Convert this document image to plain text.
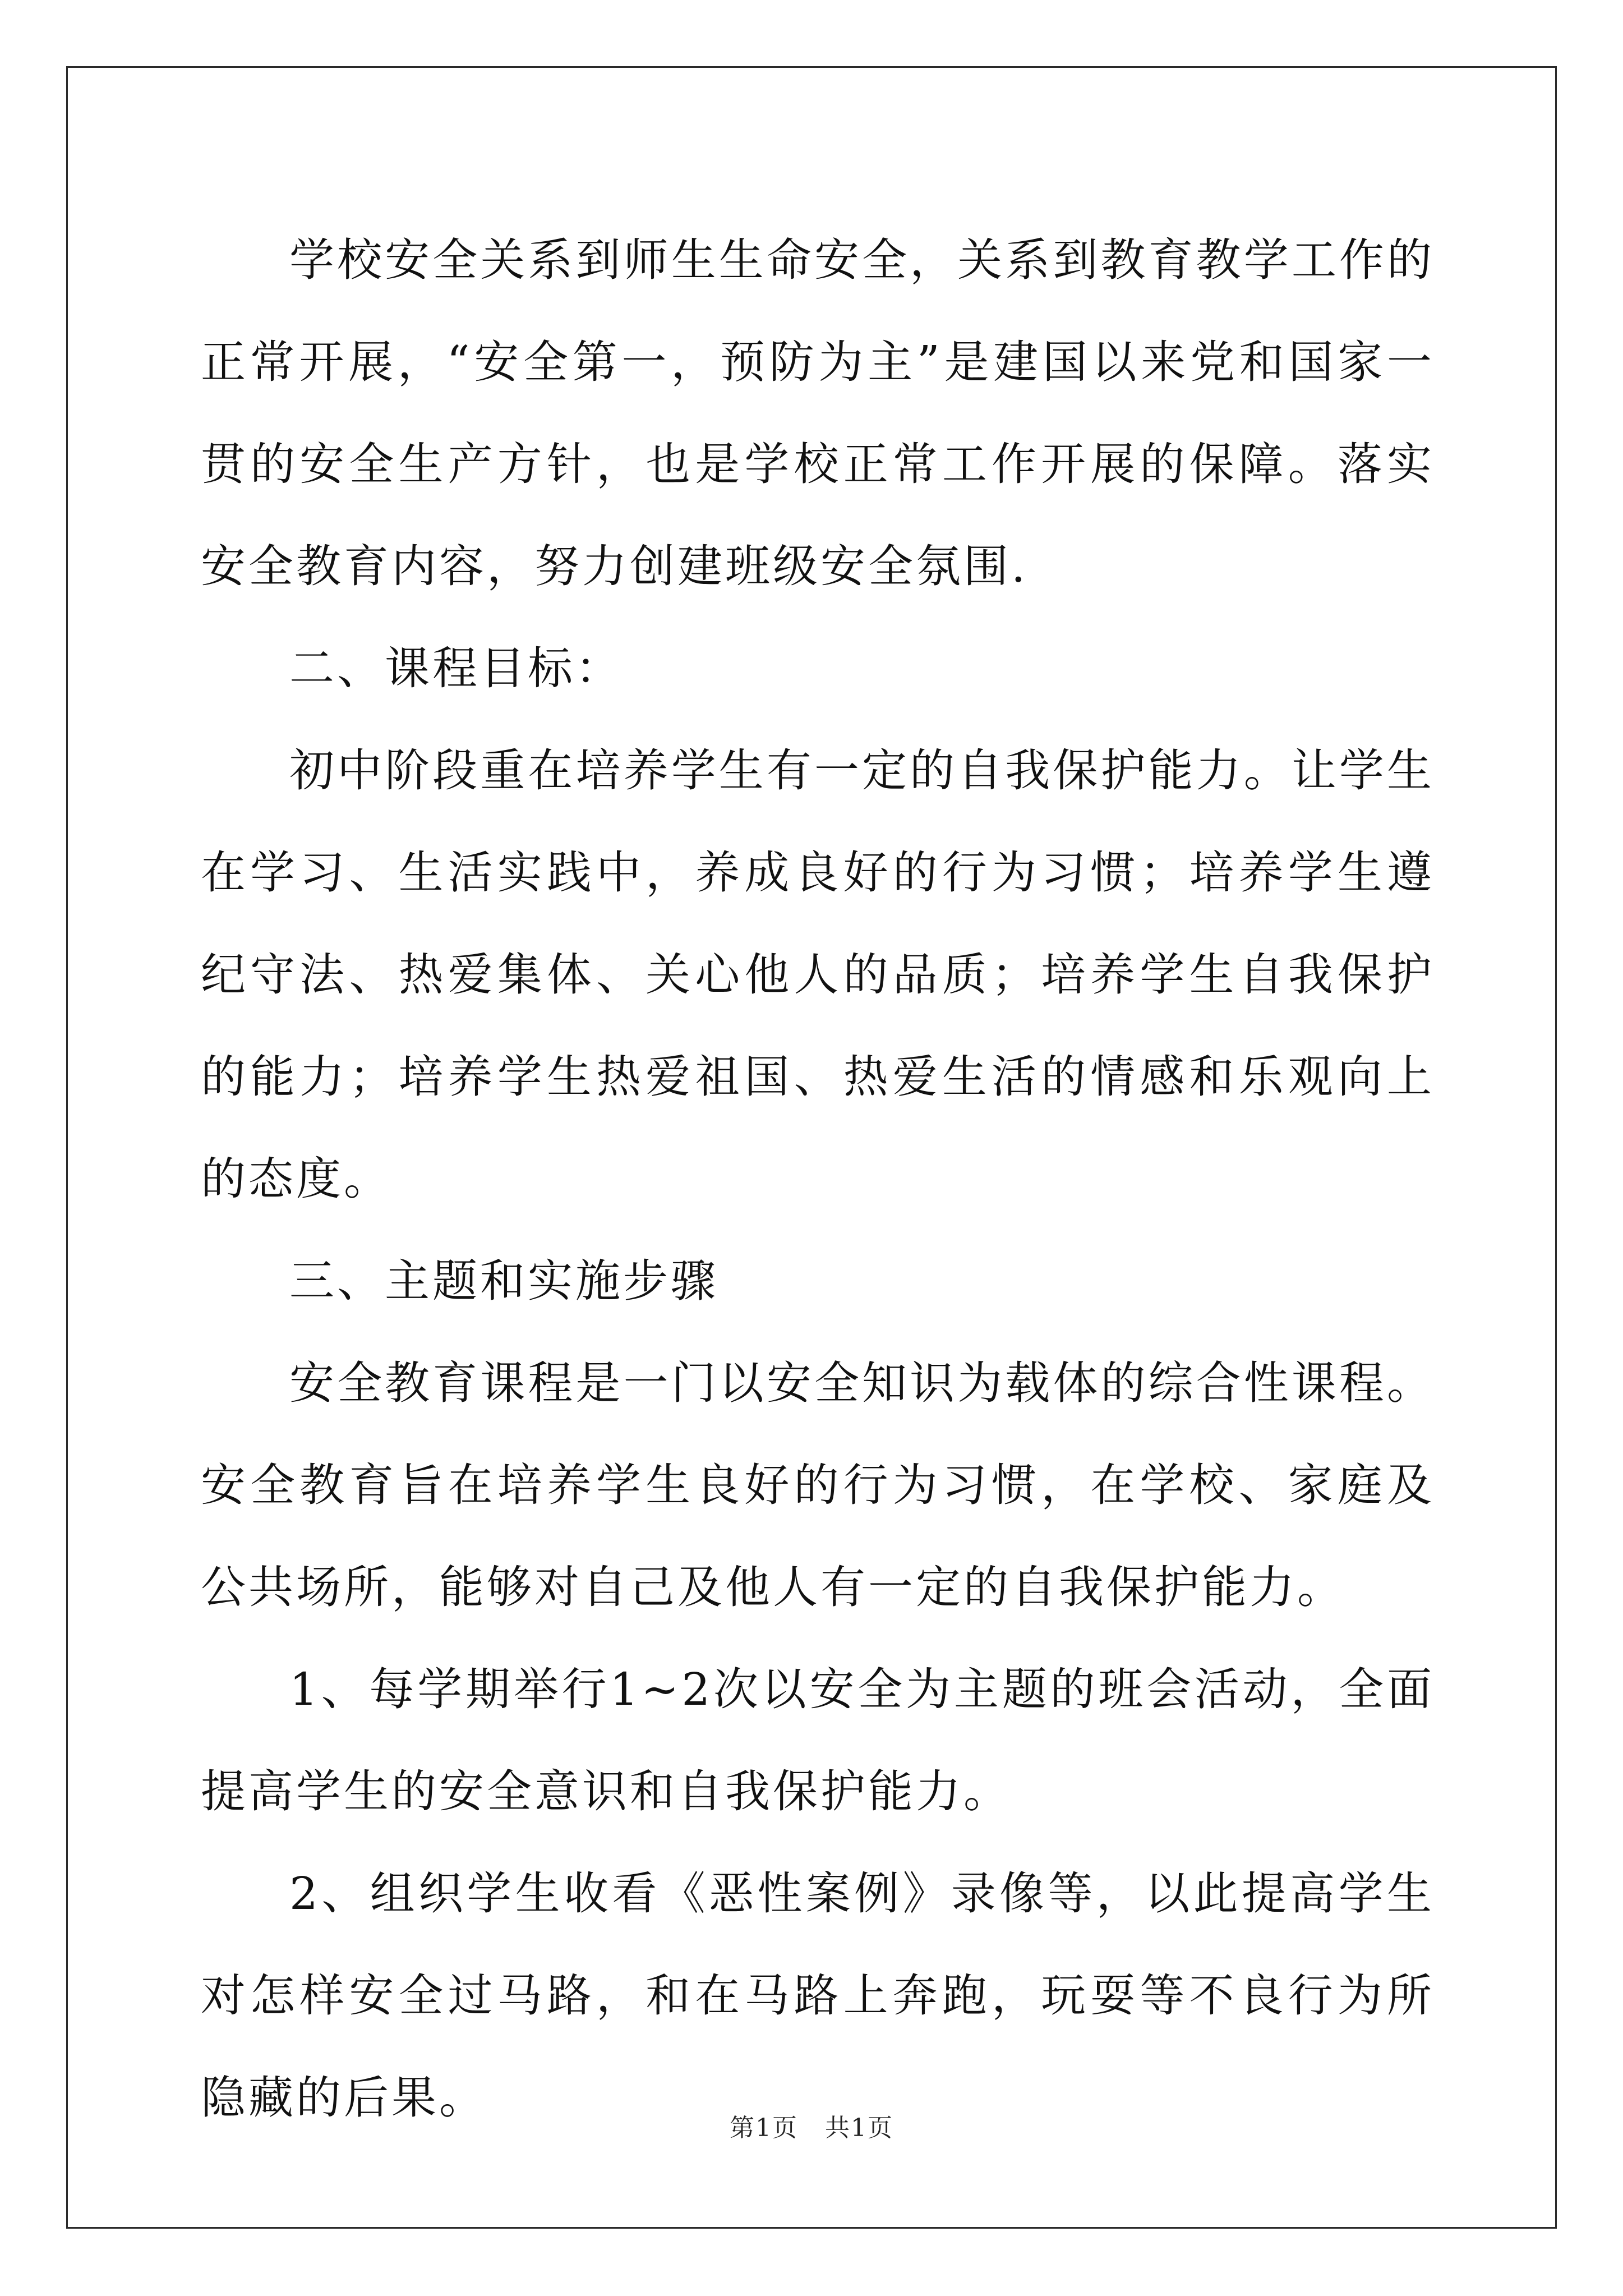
学校安全关系到师生生命安全，关系到教育教学工作的正常开展，“安全第一，预防为主”是建国以来党和国家一贯的安全生产方针，也是学校正常工作开展的保障。落实安全教育内容，努力创建班级安全氛围.

二、课程目标：

初中阶段重在培养学生有一定的自我保护能力。让学生在学习、生活实践中，养成良好的行为习惯；培养学生遵纪守法、热爱集体、关心他人的品质；培养学生自我保护的能力；培养学生热爱祖国、热爱生活的情感和乐观向上的态度。

三、主题和实施步骤

安全教育课程是一门以安全知识为载体的综合性课程。安全教育旨在培养学生良好的行为习惯，在学校、家庭及公共场所，能够对自己及他人有一定的自我保护能力。

1、每学期举行1~2次以安全为主题的班会活动，全面提高学生的安全意识和自我保护能力。

2、组织学生收看《恶性案例》录像等，以此提高学生对怎样安全过马路，和在马路上奔跑，玩耍等不良行为所隐藏的后果。

第1页 共1页
